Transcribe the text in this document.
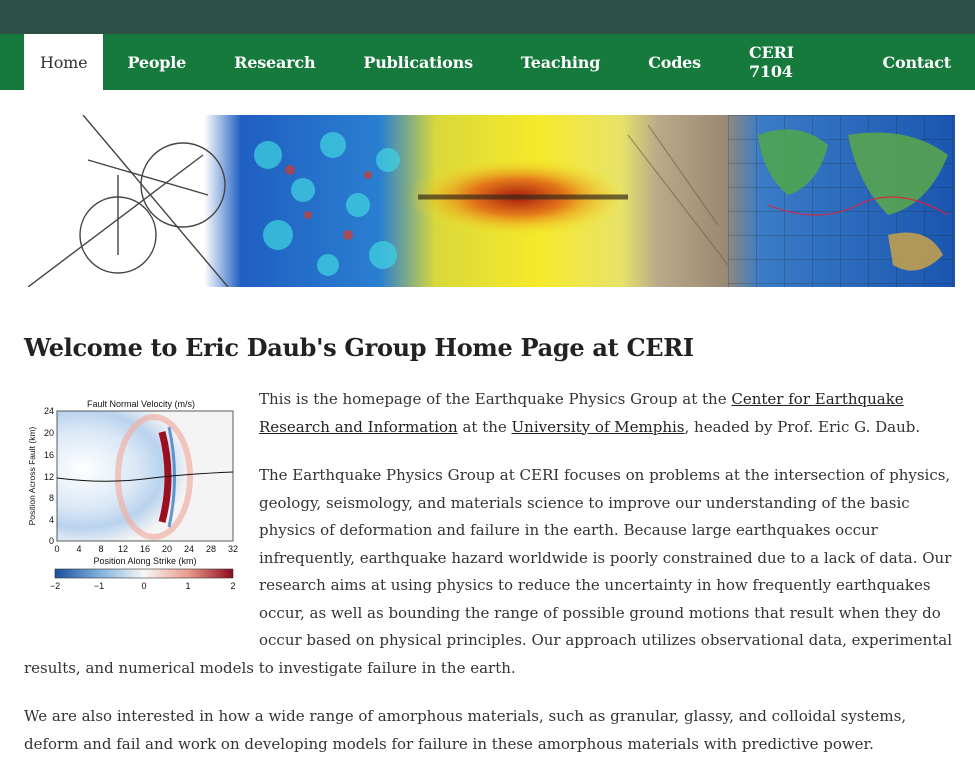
Home	People	Research	Publications	Teaching	Codes	CERI 7104	Contact
Welcome to Eric Daub's Group Home Page at CERI
Fault Normal Velocity (m/s)
24
20
16
12
8
4
0
Position Across Fault (km)
0 4 8 12 16 20 24 28 32
Position Along Strike (km)
−2	−1	0	1	2

This is the homepage of the Earthquake Physics Group at the Center for Earthquake Research and Information at the University of Memphis, headed by Prof. Eric G. Daub.

The Earthquake Physics Group at CERI focuses on problems at the intersection of physics, geology, seismology, and materials science to improve our understanding of the basic physics of deformation and failure in the earth. Because large earthquakes occur infrequently, earthquake hazard worldwide is poorly constrained due to a lack of data. Our research aims at using physics to reduce the uncertainty in how frequently earthquakes occur, as well as bounding the range of possible ground motions that result when they do occur based on physical principles. Our approach utilizes observational data, experimental results, and numerical models to investigate failure in the earth.

We are also interested in how a wide range of amorphous materials, such as granular, glassy, and colloidal systems, deform and fail and work on developing models for failure in these amorphous materials with predictive power.
